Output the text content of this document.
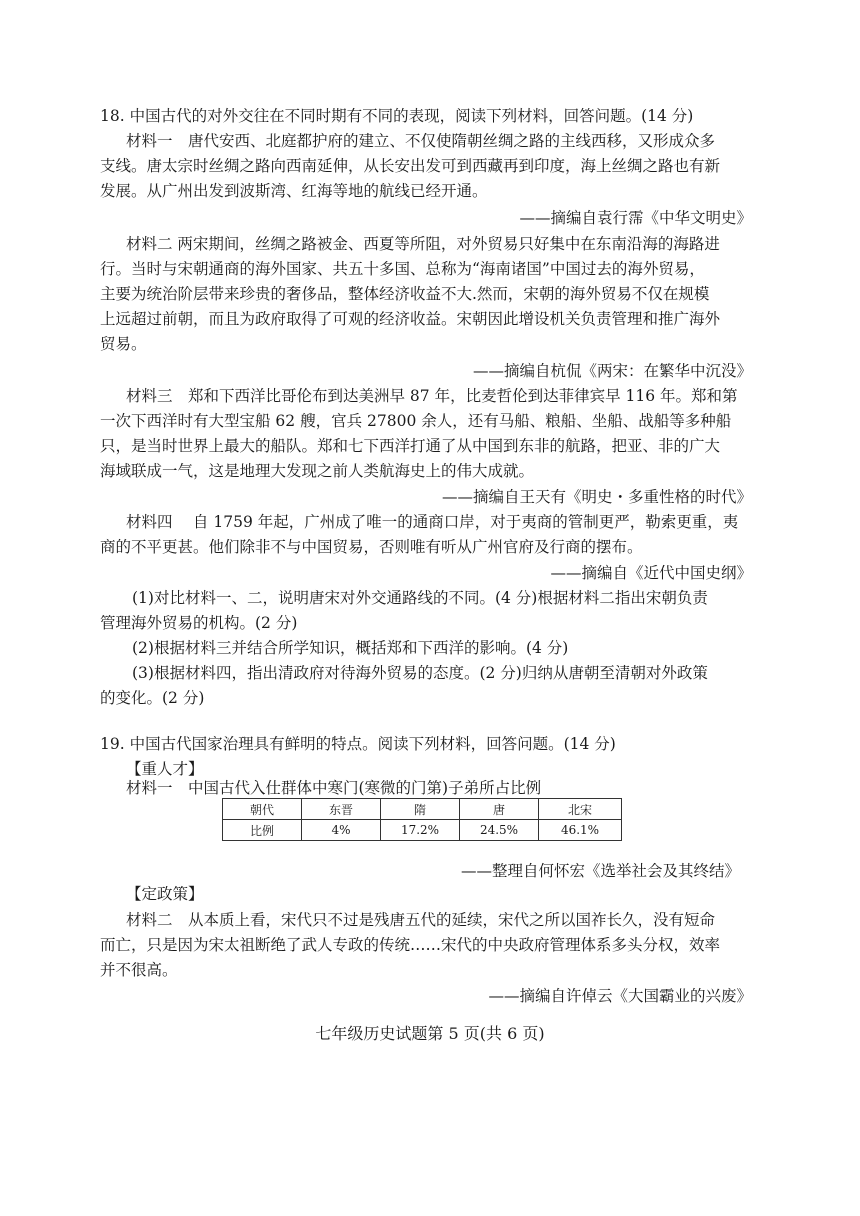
18. 中国古代的对外交往在不同时期有不同的表现，阅读下列材料，回答问题。(14 分)
材料一　唐代安西、北庭都护府的建立、不仅使隋朝丝绸之路的主线西移，又形成众多
支线。唐太宗时丝绸之路向西南延伸，从长安出发可到西藏再到印度，海上丝绸之路也有新
发展。从广州出发到波斯湾、红海等地的航线已经开通。
——摘编自袁行霈《中华文明史》
材料二 两宋期间，丝绸之路被金、西夏等所阻，对外贸易只好集中在东南沿海的海路进
行。当时与宋朝通商的海外国家、共五十多国、总称为“海南诸国”中国过去的海外贸易，
主要为统治阶层带来珍贵的奢侈品，整体经济收益不大.然而，宋朝的海外贸易不仅在规模
上远超过前朝，而且为政府取得了可观的经济收益。宋朝因此增设机关负责管理和推广海外
贸易。
——摘编自杭侃《两宋：在繁华中沉没》
材料三　郑和下西洋比哥伦布到达美洲早 87 年，比麦哲伦到达菲律宾早 116 年。郑和第
一次下西洋时有大型宝船 62 艘，官兵 27800 余人，还有马船、粮船、坐船、战船等多种船
只，是当时世界上最大的船队。郑和七下西洋打通了从中国到东非的航路，把亚、非的广大
海域联成一气，这是地理大发现之前人类航海史上的伟大成就。
——摘编自王天有《明史・多重性格的时代》
材料四　 自 1759 年起，广州成了唯一的通商口岸，对于夷商的管制更严，勒索更重，夷
商的不平更甚。他们除非不与中国贸易，否则唯有听从广州官府及行商的摆布。
——摘编自《近代中国史纲》
(1)对比材料一、二，说明唐宋对外交通路线的不同。(4 分)根据材料二指出宋朝负责
管理海外贸易的机构。(2 分)
(2)根据材料三并结合所学知识，概括郑和下西洋的影响。(4 分)
(3)根据材料四，指出清政府对待海外贸易的态度。(2 分)归纳从唐朝至清朝对外政策
的变化。(2 分)
19. 中国古代国家治理具有鲜明的特点。阅读下列材料，回答问题。(14 分)
【重人才】
材料一　中国古代入仕群体中寒门(寒微的门第)子弟所占比例
朝代	东晋	隋	唐	北宋
比例	4%	17.2%	24.5%	46.1%
——整理自何怀宏《选举社会及其终结》
【定政策】
材料二　从本质上看，宋代只不过是残唐五代的延续，宋代之所以国祚长久，没有短命
而亡，只是因为宋太祖断绝了武人专政的传统……宋代的中央政府管理体系多头分权，效率
并不很高。
——摘编自许倬云《大国霸业的兴废》
七年级历史试题第 5 页(共 6 页)
